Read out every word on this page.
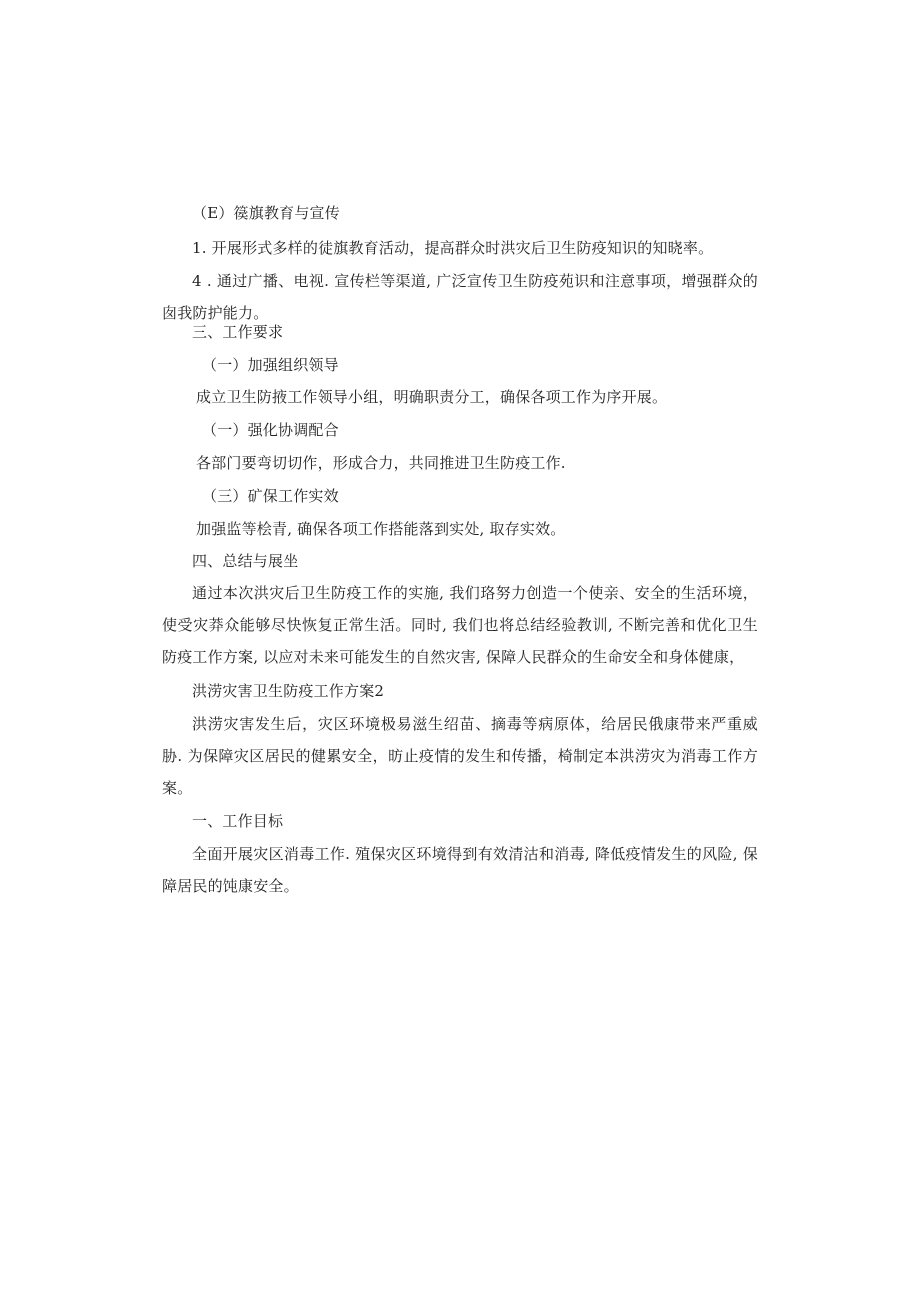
（E）篌旗教育与宣传
1. 开展形式多样的徒旗教育活动，提高群众时洪灾后卫生防疫知识的知晓率。
4 . 通过广播、电视. 宣传栏等渠道, 广泛宣传卫生防疫苑识和注意事项，增强群众的囱我防护能力。
三、工作要求
（一）加强组织领导
成立卫生防掖工作领导小组，明确职责分工，确保各项工作为序开展。
（一）强化协调配合
各部门要弯切切作，形成合力，共同推进卫生防疫工作.
（三）矿保工作实效
加强监等桧青, 确保各项工作搭能落到实处, 取存实效。
四、总结与展坐
通过本次洪灾后卫生防疫工作的实施, 我们珞努力创造一个使亲、安全的生活环境，使受灾莽众能够尽快恢复正常生活。同时, 我们也将总结经验教训, 不断完善和优化卫生防疫工作方案, 以应对未来可能发生的自然灾害, 保障人民群众的生命安全和身体健康，
洪涝灾害卫生防疫工作方案2
洪涝灾害发生后，灾区环境极易滋生绍苗、摘毒等病原体，给居民俄康带来严重威胁. 为保障灾区居民的健累安全，昉止疫情的发生和传播，椅制定本洪涝灾为消毒工作方案。
一、工作目标
全面开展灾区消毒工作. 殖保灾区环境得到有效清沽和消毒, 降低疫情发生的风险, 保障居民的饨康安全。
